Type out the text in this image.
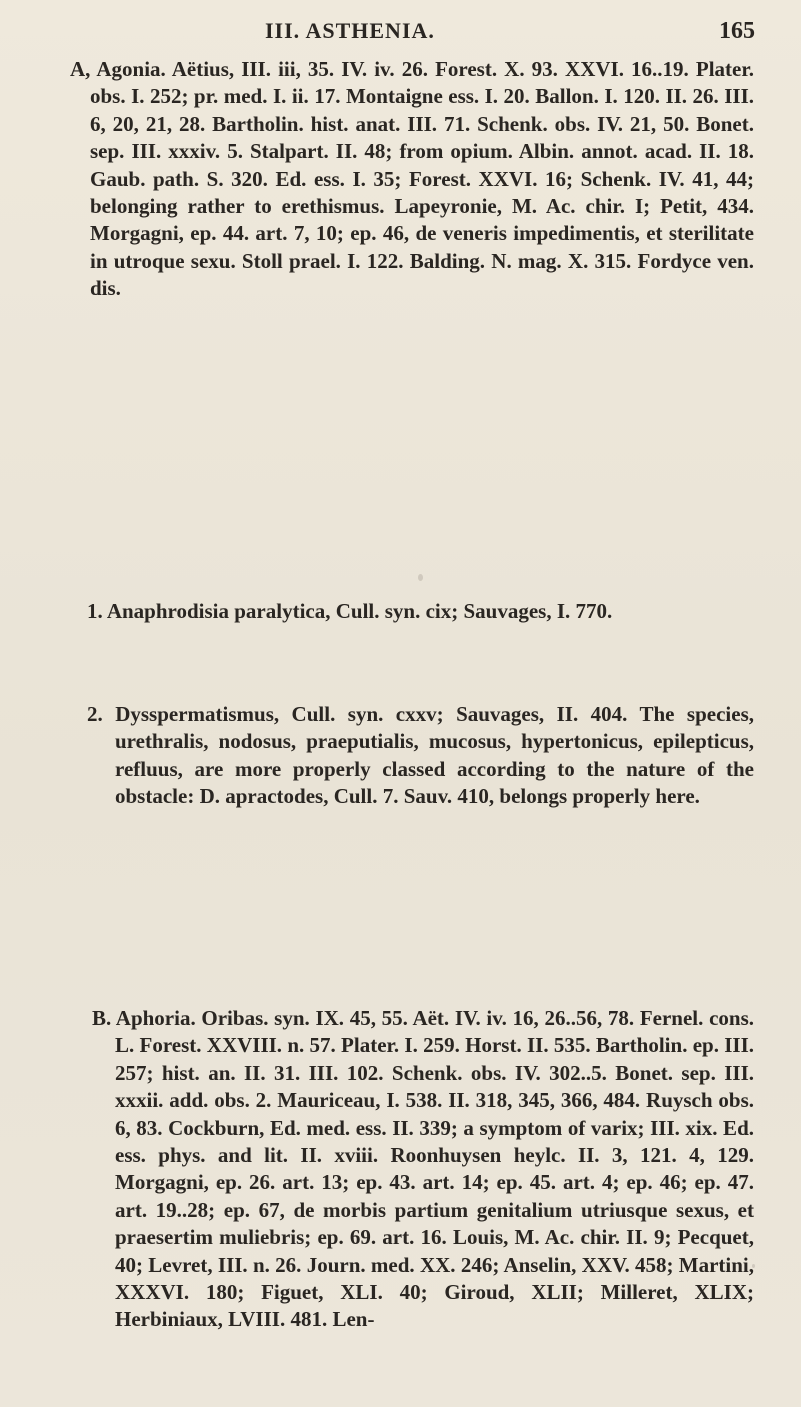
III. ASTHENIA.	165

A, Agonia. Aëtius, III. iii, 35. IV. iv. 26. Forest. X. 93. XXVI. 16..19. Plater. obs. I. 252; pr. med. I. ii. 17. Montaigne ess. I. 20. Ballon. I. 120. II. 26. III. 6, 20, 21, 28. Bartholin. hist. anat. III. 71. Schenk. obs. IV. 21, 50. Bonet. sep. III. xxxiv. 5. Stalpart. II. 48; from opium. Albin. annot. acad. II. 18. Gaub. path. S. 320. Ed. ess. I. 35; Forest. XXVI. 16; Schenk. IV. 41, 44; belonging rather to erethismus. Lapeyronie, M. Ac. chir. I; Petit, 434. Morgagni, ep. 44. art. 7, 10; ep. 46, de veneris impedimentis, et sterilitate in utroque sexu. Stoll prael. I. 122. Balding. N. mag. X. 315. Fordyce ven. dis.

1. Anaphrodisia paralytica, Cull. syn. cix; Sauvages, I. 770.

2. Dysspermatismus, Cull. syn. cxxv; Sauvages, II. 404. The species, urethralis, nodosus, praeputialis, mucosus, hypertonicus, epilepticus, refluus, are more properly classed according to the nature of the obstacle: D. apractodes, Cull. 7. Sauv. 410, belongs properly here.

B. Aphoria. Oribas. syn. IX. 45, 55. Aët. IV. iv. 16, 26..56, 78. Fernel. cons. L. Forest. XXVIII. n. 57. Plater. I. 259. Horst. II. 535. Bartholin. ep. III. 257; hist. an. II. 31. III. 102. Schenk. obs. IV. 302..5. Bonet. sep. III. xxxii. add. obs. 2. Mauriceau, I. 538. II. 318, 345, 366, 484. Ruysch obs. 6, 83. Cockburn, Ed. med. ess. II. 339; a symptom of varix; III. xix. Ed. ess. phys. and lit. II. xviii. Roonhuysen heylc. II. 3, 121. 4, 129. Morgagni, ep. 26. art. 13; ep. 43. art. 14; ep. 45. art. 4; ep. 46; ep. 47. art. 19..28; ep. 67, de morbis partium genitalium utriusque sexus, et praesertim muliebris; ep. 69. art. 16. Louis, M. Ac. chir. II. 9; Pecquet, 40; Levret, III. n. 26. Journ. med. XX. 246; Anselin, XXV. 458; Martini, XXXVI. 180; Figuet, XLI. 40; Giroud, XLII; Milleret, XLIX; Herbiniaux, LVIII. 481. Len-
